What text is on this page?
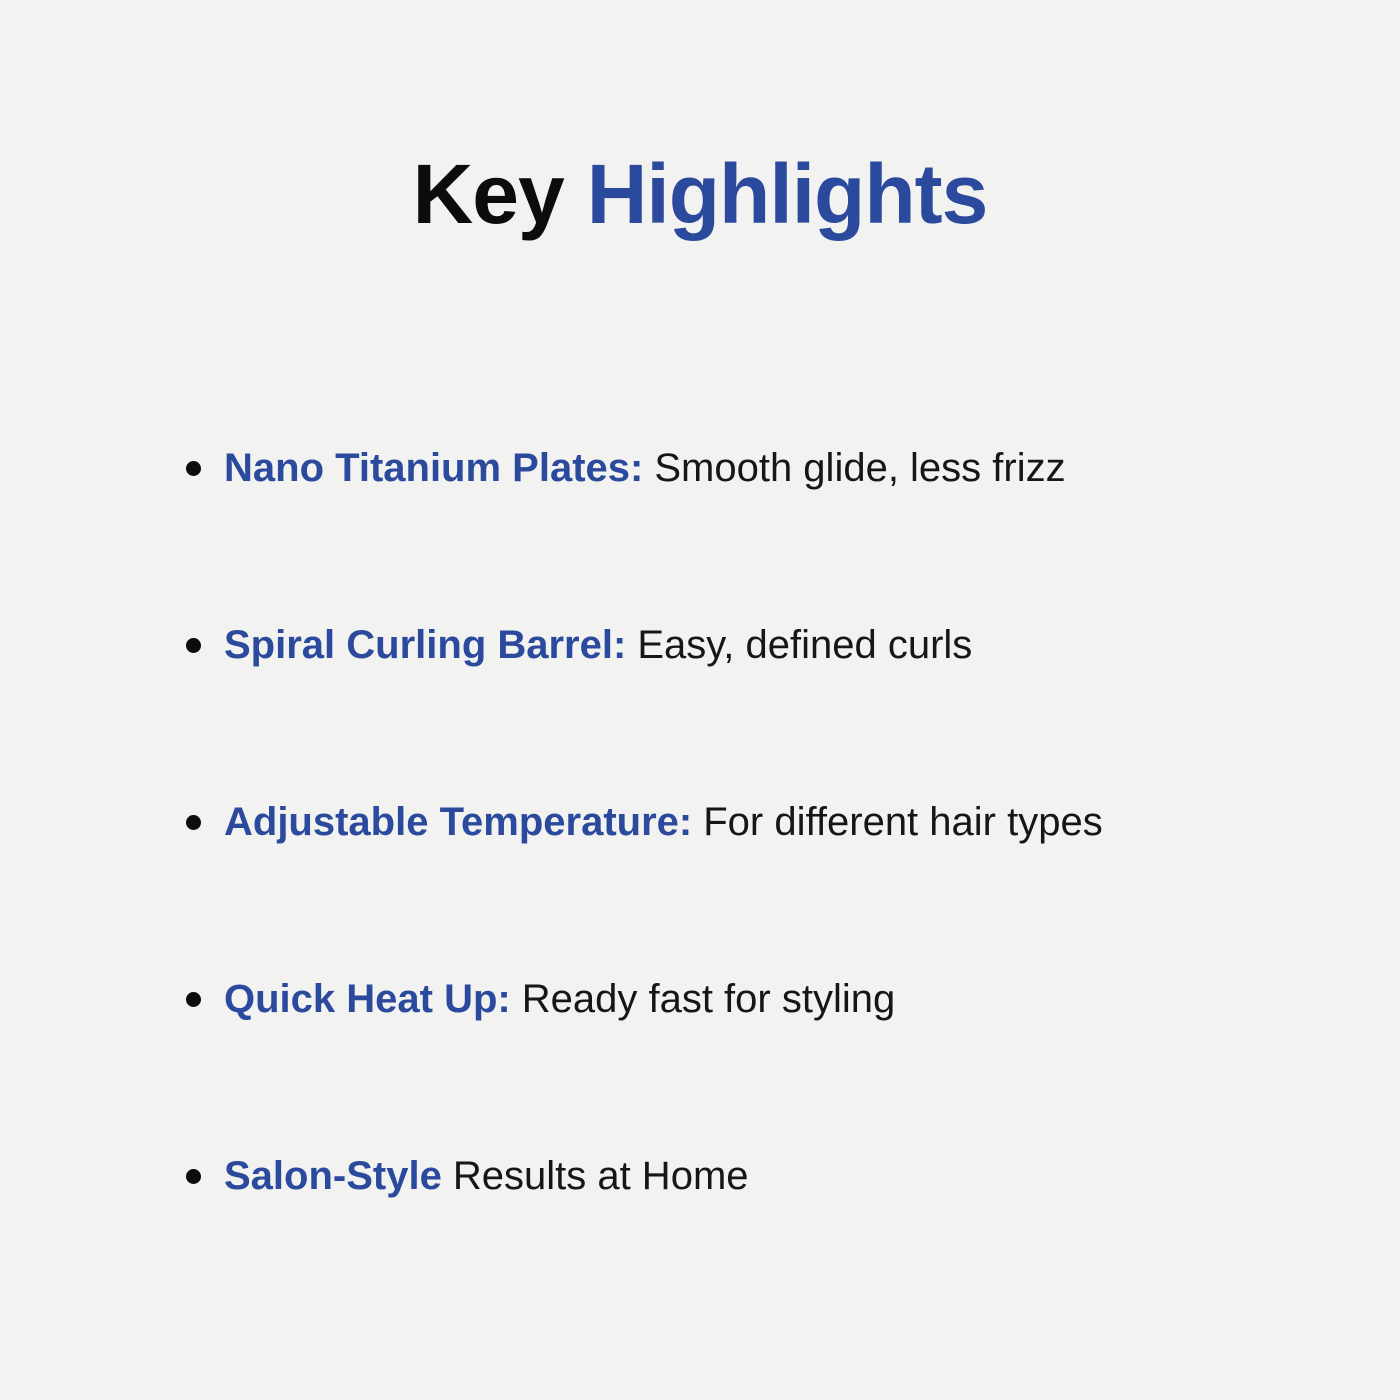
Key Highlights
Nano Titanium Plates: Smooth glide, less frizz
Spiral Curling Barrel: Easy, defined curls
Adjustable Temperature: For different hair types
Quick Heat Up: Ready fast for styling
Salon-Style Results at Home
